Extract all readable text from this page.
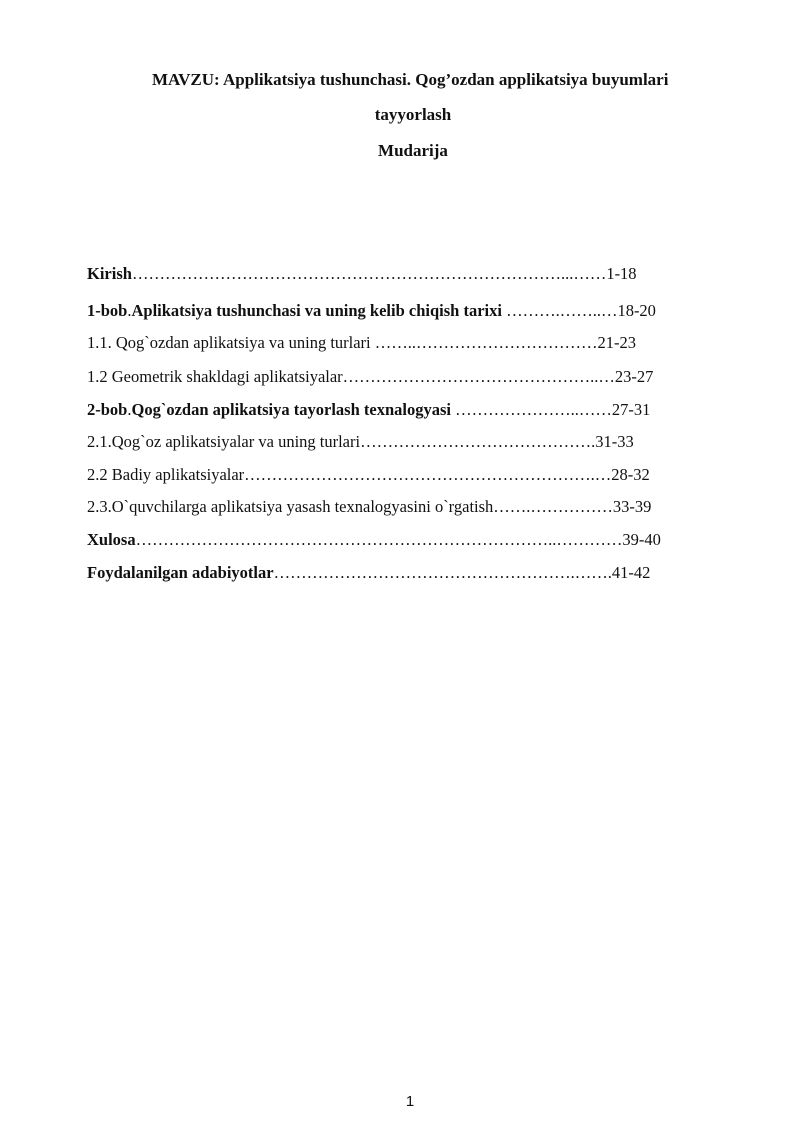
MAVZU: Applikatsiya tushunchasi. Qog’ozdan applikatsiya buyumlari
tayyorlash
Mudarija
Kirish……………………………………………………………………...……1-18
1-bob.Aplikatsiya tushunchasi va uning kelib chiqish tarixi ……….……..…18-20
1.1. Qog`ozdan aplikatsiya va uning turlari ……..……………………………21-23
1.2 Geometrik shakldagi aplikatsiyalar………………………………………..…23-27
2-bob.Qog`ozdan aplikatsiya tayorlash texnalogyasi …………………..……27-31
2.1.Qog`oz aplikatsiyalar va uning turlari…………………………………….31-33
2.2 Badiy aplikatsiyalar……………………………………………………….…28-32
2.3.O`quvchilarga aplikatsiya yasash texnalogyasini o`rgatish…….……………33-39
Xulosa…………………………………………………………………..…………39-40
Foydalanilgan adabiyotlar……………………………………………….…….41-42
1
